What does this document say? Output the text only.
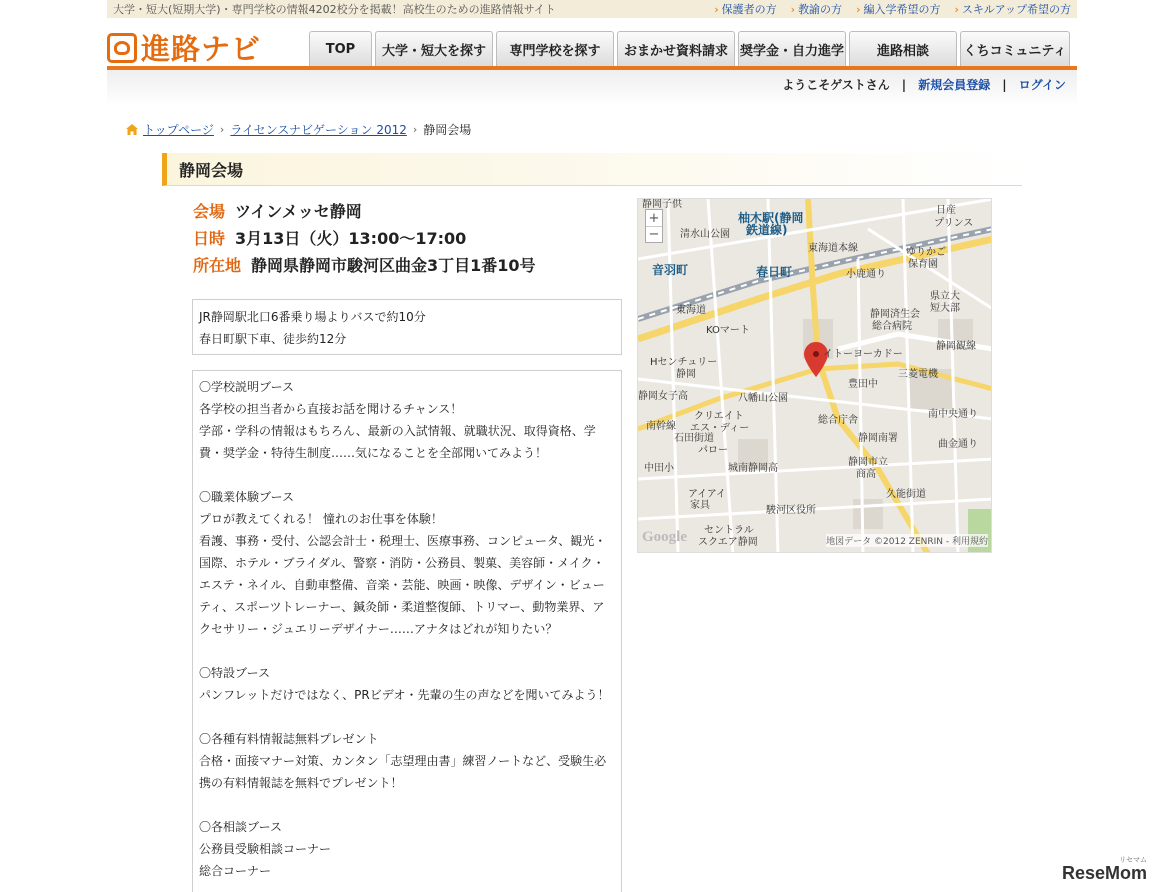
大学・短大(短期大学)・専門学校の情報4202校分を掲載！高校生のための進路情報サイト	› 保護者の方	› 教諭の方	› 編入学希望の方	› スキルアップ希望の方
進路ナビ	TOP	大学・短大を探す	専門学校を探す	おまかせ資料請求 奨学金・自力進学	進路相談	くちコミュニティ
ようこそゲストさん | 新規会員登録 | ログイン
トップページ › ライセンスナビゲーション 2012 › 静岡会場
静岡会場
会場 ツインメッセ静岡
日時 3月13日（火）13:00～17:00
所在地 静岡県静岡市駿河区曲金3丁目1番10号
JR静岡駅北口6番乗り場よりバスで約10分
春日町駅下車、徒歩約12分
〇学校説明ブース
各学校の担当者から直接お話を聞けるチャンス！
学部・学科の情報はもちろん、最新の入試情報、就職状況、取得資格、学費・奨学金・特待生制度……気になることを全部聞いてみよう！
〇職業体験ブース
プロが教えてくれる！ 憧れのお仕事を体験！
看護、事務・受付、公認会計士・税理士、医療事務、コンピュータ、観光・国際、ホテル・ブライダル、警察・消防・公務員、製菓、美容師・メイク・エステ・ネイル、自動車整備、音楽・芸能、映画・映像、デザイン・ビューティ、スポーツトレーナー、鍼灸師・柔道整復師、トリマー、動物業界、アクセサリー・ジュエリーデザイナー……アナタはどれが知りたい？
〇特設ブース
パンフレットだけではなく、PRビデオ・先輩の生の声などを聞いてみよう！
〇各種有料情報誌無料プレゼント
合格・面接マナー対策、カンタン「志望理由書」練習ノートなど、受験生必携の有料情報誌を無料でプレゼント！
〇各相談ブース
公務員受験相談コーナー
総合コーナー
+
−
静岡子供
柚木駅(静岡
鉄道線)
日産
プリンス
清水山公園
ゆりかご
保育園
音羽町	春日町
東海道本線
県立大
短大部
小鹿通り
静岡済生会
総合病院
KOマート
静岡観線
Hセンチュリー
静岡
イトーヨーカドー
豊田中
三菱電機
八幡山公園
静岡女子高
クリエイト
エス・ディー
総合庁舎
南中央通り
静岡南署
パロー
中田小	城南静岡高
静岡市立
商高
アイアイ
家具	駿河区役所
セントラル
スクエア静岡
東海道
南幹線
石田街道
久能街道
曲金通り
Google	地図データ ©2012 ZENRIN - 利用規約
リセマム
ReseMom
